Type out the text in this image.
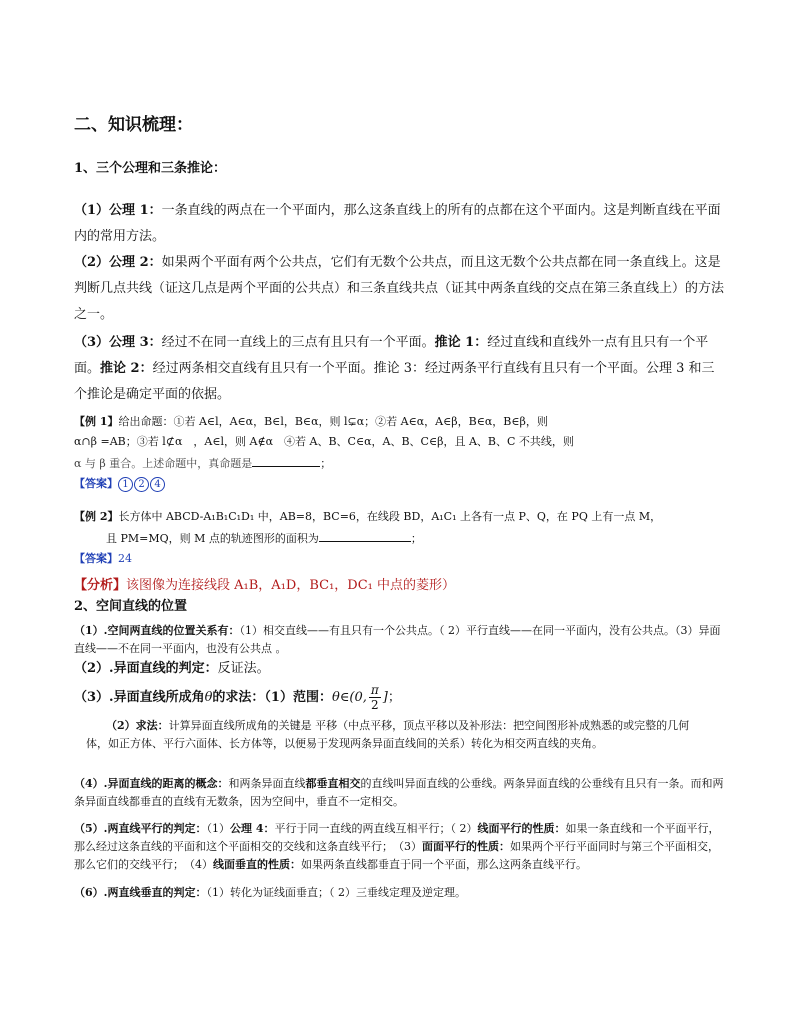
二、知识梳理：
1、三个公理和三条推论：
（1）公理 1：一条直线的两点在一个平面内，那么这条直线上的所有的点都在这个平面内。这是判断直线在平面内的常用方法。
（2）公理 2：如果两个平面有两个公共点，它们有无数个公共点，而且这无数个公共点都在同一条直线上。这是判断几点共线（证这几点是两个平面的公共点）和三条直线共点（证其中两条直线的交点在第三条直线上）的方法之一。
（3）公理 3：经过不在同一直线上的三点有且只有一个平面。推论 1：经过直线和直线外一点有且只有一个平面。推论 2：经过两条相交直线有且只有一个平面。推论 3：经过两条平行直线有且只有一个平面。公理 3 和三个推论是确定平面的依据。
【例 1】给出命题：①若 A∈l，A∈α，B∈l，B∈α，则 l⊊α；②若 A∈α，A∈β，B∈α，B∈β，则
α∩β =AB；③若 l⊄α　，A∈l，则 A∉α　④若 A、B、C∈α，A、B、C∈β，且 A、B、C 不共线，则
α 与 β 重合。上述命题中，真命题是	；
【答案】 1 2 4
【例 2】长方体中 ABCD-A₁B₁C₁D₁ 中，AB=8，BC=6，在线段 BD，A₁C₁ 上各有一点 P、Q，在 PQ 上有一点 M，
且 PM=MQ，则 M 点的轨迹图形的面积为	；
【答案】24
【分析】该图像为连接线段 A₁B，A₁D，BC₁，DC₁ 中点的菱形）
2、空间直线的位置
（1）.空间两直线的位置关系有：（1）相交直线——有且只有一个公共点。（ 2）平行直线——在同一平面内，没有公共点。（3）异面直线——不在同一平面内，也没有公共点 。
（2）.异面直线的判定：反证法。
（3）.异面直线所成角θ的求法：（1）范围：θ∈(0, $\frac{\pi}{2}$ ]；
（2）求法：计算异面直线所成角的关键是 平移（中点平移，顶点平移以及补形法：把空间图形补成熟悉的或完整的几何体，如正方体、平行六面体、长方体等，以便易于发现两条异面直线间的关系）转化为相交两直线的夹角。
（4）.异面直线的距离的概念：和两条异面直线都垂直相交的直线叫异面直线的公垂线。两条异面直线的公垂线有且只有一条。而和两条异面直线都垂直的直线有无数条，因为空间中，垂直不一定相交。
（5）.两直线平行的判定：（1）公理 4：平行于同一直线的两直线互相平行；（ 2）线面平行的性质：如果一条直线和一个平面平行，那么经过这条直线的平面和这个平面相交的交线和这条直线平行；　（3）面面平行的性质：如果两个平行平面同时与第三个平面相交，那么它们的交线平行；　（4）线面垂直的性质：如果两条直线都垂直于同一个平面，那么这两条直线平行。
（6）.两直线垂直的判定：（1）转化为证线面垂直；（ 2）三垂线定理及逆定理。
